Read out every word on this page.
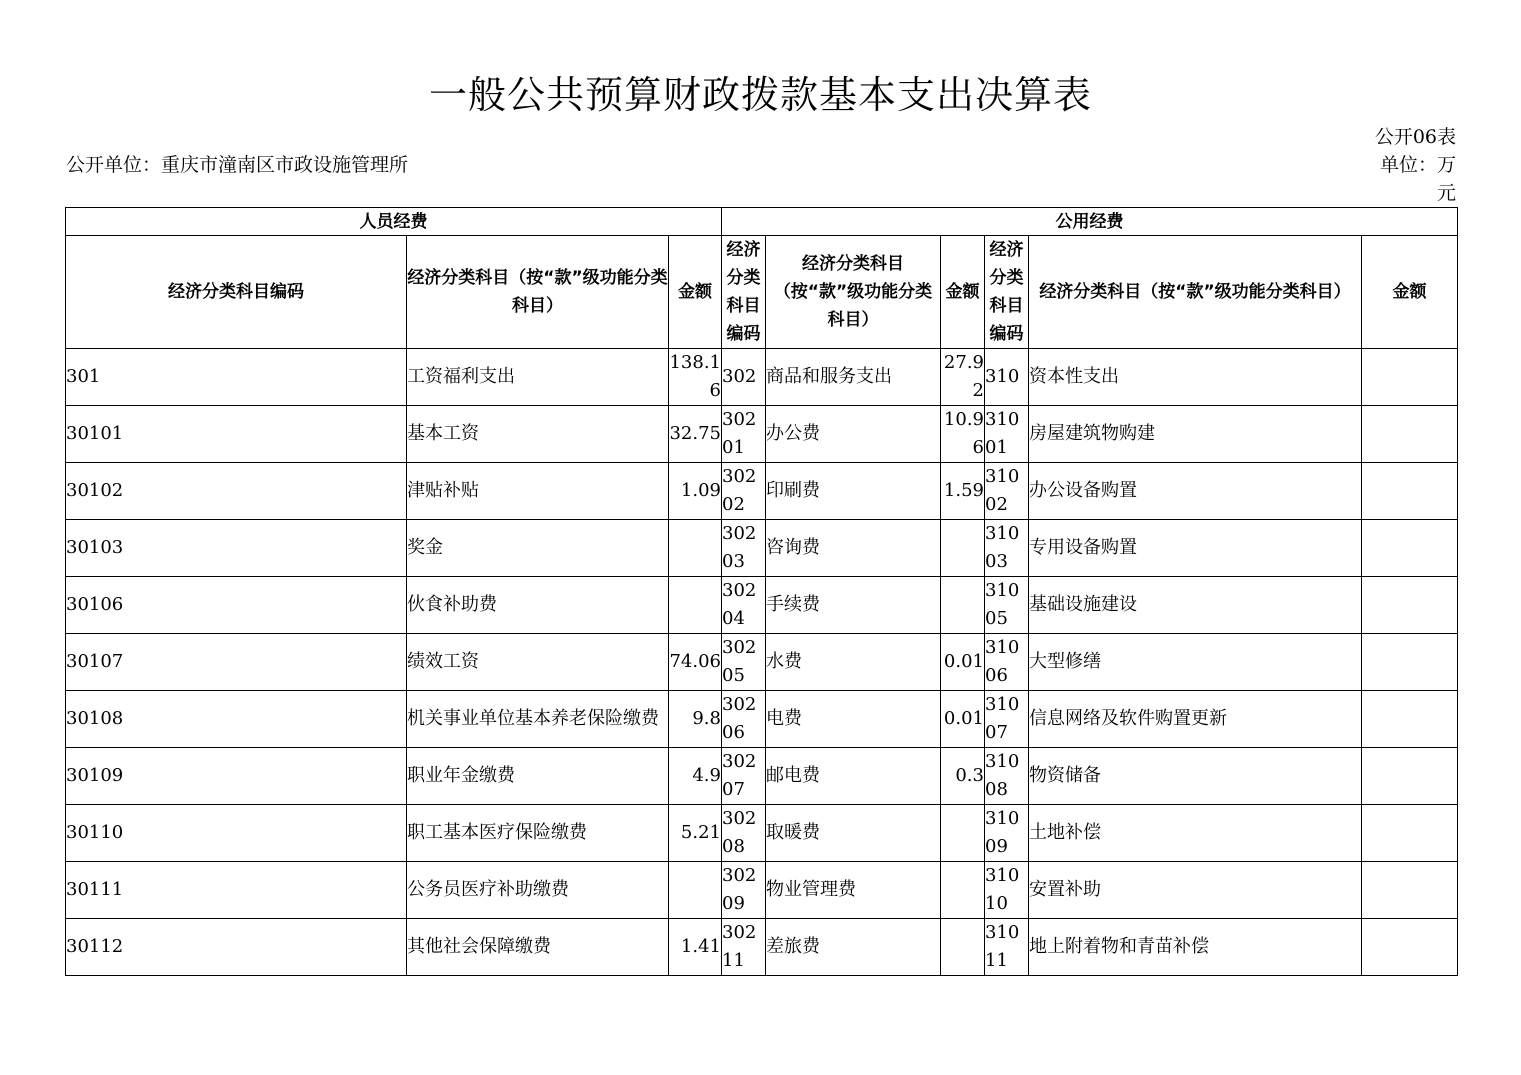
一般公共预算财政拨款基本支出决算表
公开06表
公开单位：重庆市潼南区市政设施管理所	单位：万元
人员经费			公用经费					
经济分类科目编码	经济分类科目（按“款”级功能分类科目）	金额	经济分类科目编码	经济分类科目（按“款”级功能分类科目）	金额	经济分类科目编码	经济分类科目（按“款”级功能分类科目）	金额
301	工资福利支出	138.16	302	商品和服务支出	27.92	310	资本性支出	
30101	基本工资	32.75	30201	办公费	10.96	31001	房屋建筑物购建	
30102	津贴补贴	1.09	30202	印刷费	1.59	31002	办公设备购置	
30103	奖金		30203	咨询费		31003	专用设备购置	
30106	伙食补助费		30204	手续费		31005	基础设施建设	
30107	绩效工资	74.06	30205	水费	0.01	31006	大型修缮	
30108	机关事业单位基本养老保险缴费	9.8	30206	电费	0.01	31007	信息网络及软件购置更新	
30109	职业年金缴费	4.9	30207	邮电费	0.3	31008	物资储备	
30110	职工基本医疗保险缴费	5.21	30208	取暖费		31009	土地补偿	
30111	公务员医疗补助缴费		30209	物业管理费		31010	安置补助	
30112	其他社会保障缴费	1.41	30211	差旅费		31011	地上附着物和青苗补偿	
